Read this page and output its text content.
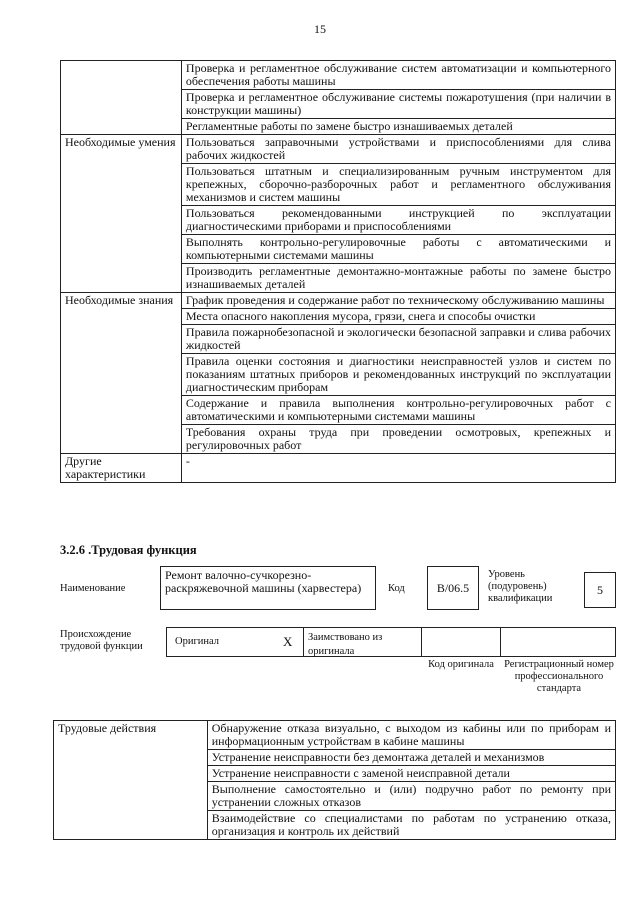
15
	Проверка и регламентное обслуживание систем автоматизации и компьютерного обеспечения работы машины
	Проверка и регламентное обслуживание системы пожаротушения (при наличии в конструкции машины)
	Регламентные работы по замене быстро изнашиваемых деталей
Необходимые умения	Пользоваться заправочными устройствами и приспособлениями для слива рабочих жидкостей
	Пользоваться штатным и специализированным ручным инструментом для крепежных, сборочно-разборочных работ и регламентного обслуживания механизмов и систем машины
	Пользоваться рекомендованными инструкцией по эксплуатации диагностическими приборами и приспособлениями
	Выполнять контрольно-регулировочные работы с автоматическими и компьютерными системами машины
	Производить регламентные демонтажно-монтажные работы по замене быстро изнашиваемых деталей
Необходимые знания	График проведения и содержание работ по техническому обслуживанию машины
	Места опасного накопления мусора, грязи, снега и способы очистки
	Правила пожарнобезопасной и экологически безопасной заправки и слива рабочих жидкостей
	Правила оценки состояния и диагностики неисправностей узлов и систем по показаниям штатных приборов и рекомендованных инструкций по эксплуатации диагностическим приборам
	Содержание и правила выполнения контрольно-регулировочных работ с автоматическими и компьютерными системами машины
	Требования охраны труда при проведении осмотровых, крепежных и регулировочных работ
Другие характеристики	-
3.2.6 .Трудовая функция
Наименование
Ремонт валочно-сучкорезно-раскряжевочной машины (харвестера)	Код	B/06.5
Уровень (подуровень) квалификации
5
Происхождение трудовой функции	Оригинал	X	Заимствовано из оригинала
Код оригинала Регистрационный номер профессионального стандарта
Трудовые действия	Обнаружение отказа визуально, с выходом из кабины или по приборам и информационным устройствам в кабине машины
Устранение неисправности без демонтажа деталей и механизмов
Устранение неисправности с заменой неисправной детали
Выполнение самостоятельно и (или) подручно работ по ремонту при устранении сложных отказов
Взаимодействие со специалистами по работам по устранению отказа, организация и контроль их действий
